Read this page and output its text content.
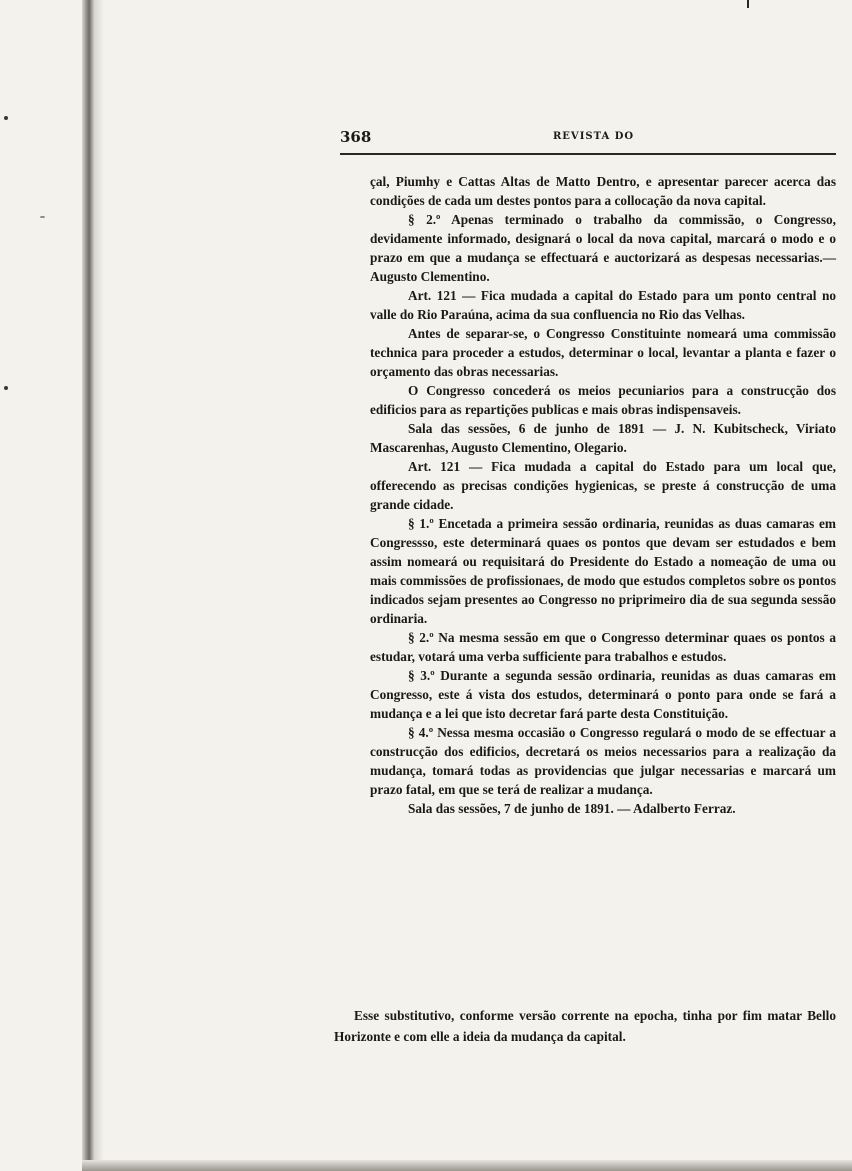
368	REVISTA DO

çal, Piumhy e Cattas Altas de Matto Dentro, e apresentar parecer acerca das condições de cada um destes pontos para a collocação da nova capital.

§ 2.º Apenas terminado o trabalho da commissão, o Congresso, devidamente informado, designará o local da nova capital, marcará o modo e o prazo em que a mudança se effectuará e auctorizará as despesas necessarias.— Augusto Clementino.

Art. 121 — Fica mudada a capital do Estado para um ponto central no valle do Rio Paraúna, acima da sua confluencia no Rio das Velhas.

Antes de separar-se, o Congresso Constituinte nomeará uma commissão technica para proceder a estudos, determinar o local, levantar a planta e fazer o orçamento das obras necessarias.

O Congresso concederá os meios pecuniarios para a construcção dos edificios para as repartições publicas e mais obras indispensaveis.

Sala das sessões, 6 de junho de 1891 — J. N. Kubitscheck, Viriato Mascarenhas, Augusto Clementino, Olegario.

Art. 121 — Fica mudada a capital do Estado para um local que, offerecendo as precisas condições hygienicas, se preste á construcção de uma grande cidade.

§ 1.º Encetada a primeira sessão ordinaria, reunidas as duas camaras em Congressso, este determinará quaes os pontos que devam ser estudados e bem assim nomeará ou requisitará do Presidente do Estado a nomeação de uma ou mais commissões de profissionaes, de modo que estudos completos sobre os pontos indicados sejam presentes ao Congresso no priprimeiro dia de sua segunda sessão ordinaria.

§ 2.º Na mesma sessão em que o Congresso determinar quaes os pontos a estudar, votará uma verba sufficiente para trabalhos e estudos.

§ 3.º Durante a segunda sessão ordinaria, reunidas as duas camaras em Congresso, este á vista dos estudos, determinará o ponto para onde se fará a mudança e a lei que isto decretar fará parte desta Constituição.

§ 4.º Nessa mesma occasião o Congresso regulará o modo de se effectuar a construcção dos edificios, decretará os meios necessarios para a realização da mudança, tomará todas as providencias que julgar necessarias e marcará um prazo fatal, em que se terá de realizar a mudança.

Sala das sessões, 7 de junho de 1891. — Adalberto Ferraz.

Esse substitutivo, conforme versão corrente na epocha, tinha por fim matar Bello Horizonte e com elle a ideia da mudança da capital.
